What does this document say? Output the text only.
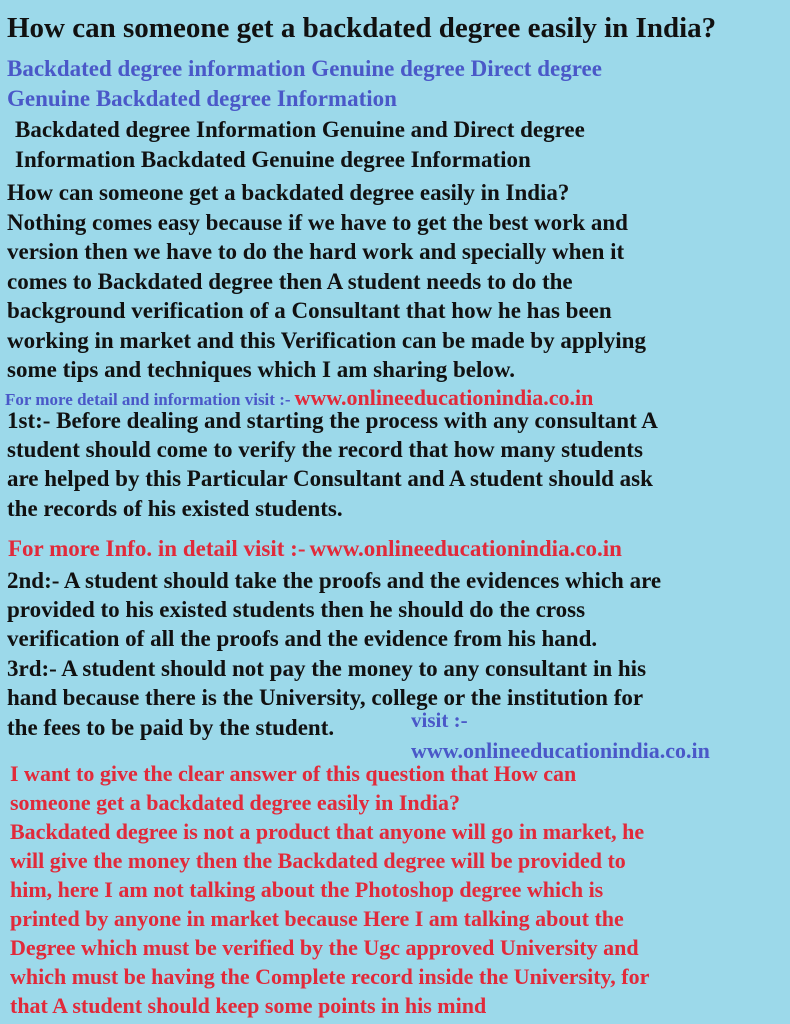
How can someone get a backdated degree easily in India?
Backdated degree information Genuine degree Direct degree
Genuine Backdated degree Information
Backdated degree Information Genuine and Direct degree
Information Backdated Genuine degree Information
How can someone get a backdated degree easily in India?
Nothing comes easy because if we have to get the best work and
version then we have to do the hard work and specially when it
comes to Backdated degree then A student needs to do the
background verification of a Consultant that how he has been
working in market and this Verification can be made by applying
some tips and techniques which I am sharing below.
For more detail and information visit :- www.onlineeducationindia.co.in
1st:- Before dealing and starting the process with any consultant A
student should come to verify the record that how many students
are helped by this Particular Consultant and A student should ask
the records of his existed students.
For more Info. in detail visit :- www.onlineeducationindia.co.in
2nd:- A student should take the proofs and the evidences which are
provided to his existed students then he should do the cross
verification of all the proofs and the evidence from his hand.
3rd:- A student should not pay the money to any consultant in his
hand because there is the University, college or the institution for
the fees to be paid by the student.	visit :-
www.onlineeducationindia.co.in
I want to give the clear answer of this question that How can
someone get a backdated degree easily in India?
Backdated degree is not a product that anyone will go in market, he
will give the money then the Backdated degree will be provided to
him, here I am not talking about the Photoshop degree which is
printed by anyone in market because Here I am talking about the
Degree which must be verified by the Ugc approved University and
which must be having the Complete record inside the University, for
that A student should keep some points in his mind
